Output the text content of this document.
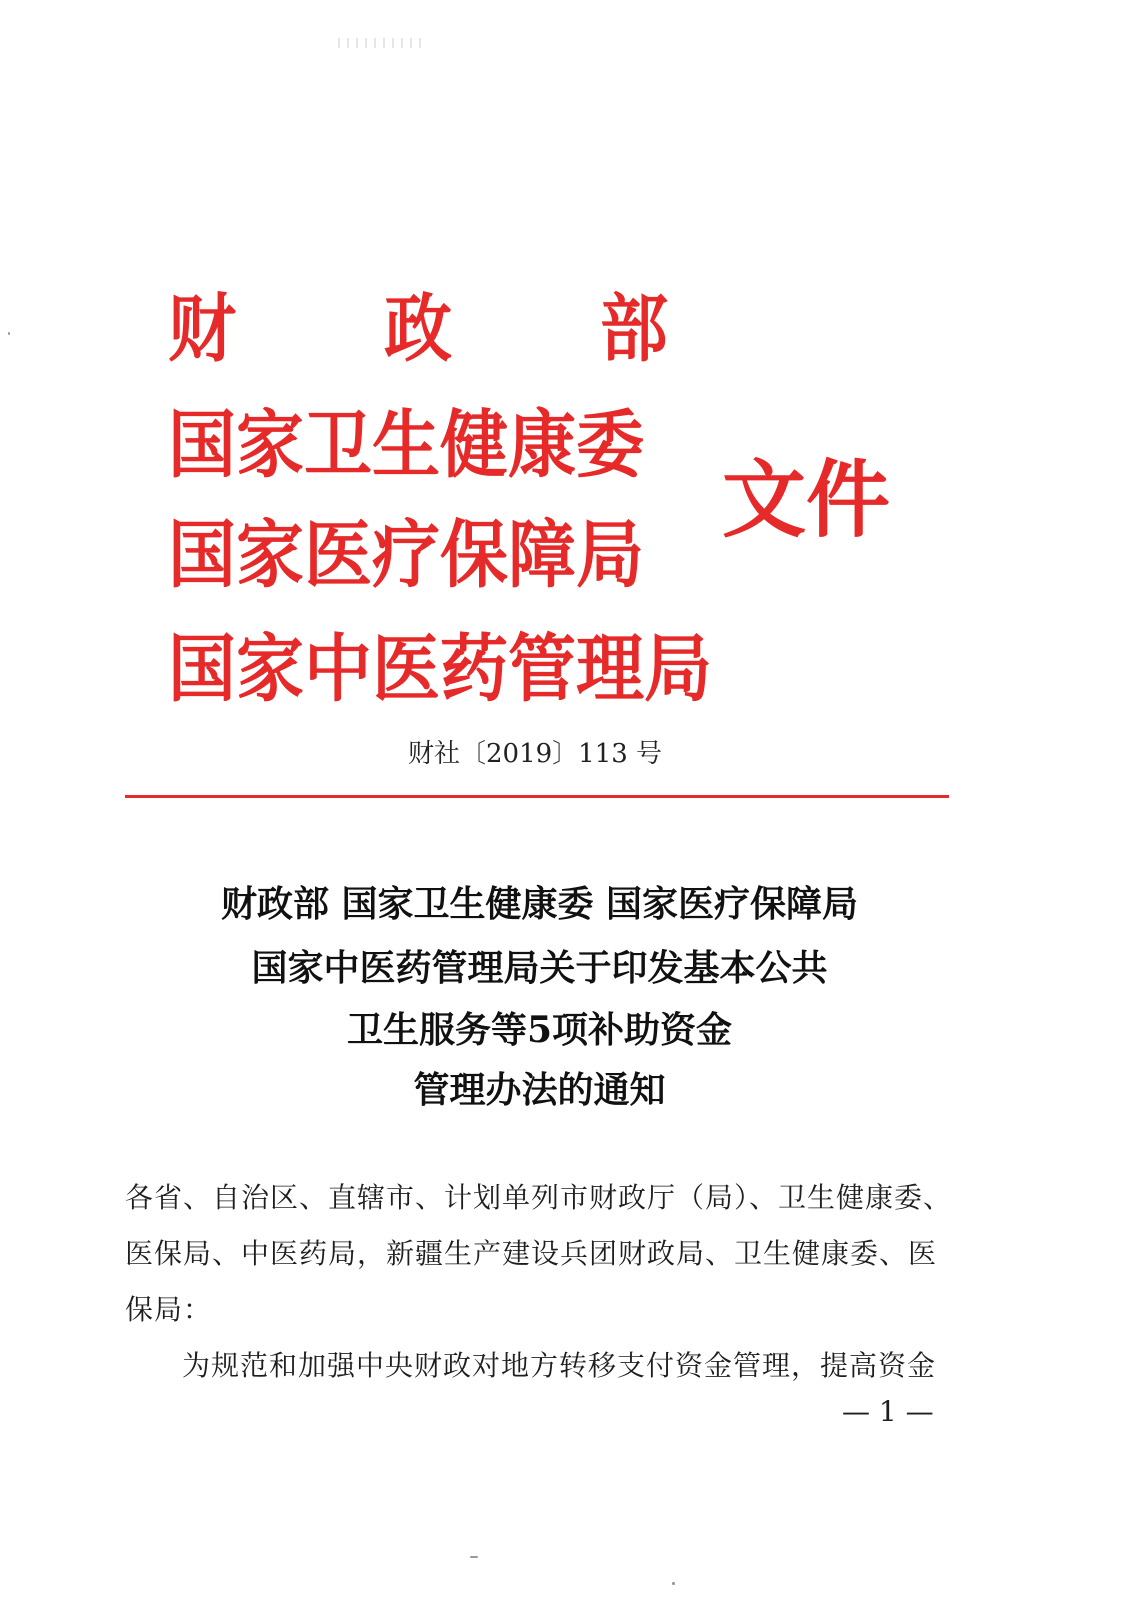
财 政 部
国家卫生健康委
国家医疗保障局
国家中医药管理局
文件
财社〔2019〕113 号
财政部 国家卫生健康委 国家医疗保障局
国家中医药管理局关于印发基本公共
卫生服务等5项补助资金
管理办法的通知
各省、自治区、直辖市、计划单列市财政厅（局）、卫生健康委、
医保局、中医药局，新疆生产建设兵团财政局、卫生健康委、医
保局：
为规范和加强中央财政对地方转移支付资金管理，提高资金
— 1 —
